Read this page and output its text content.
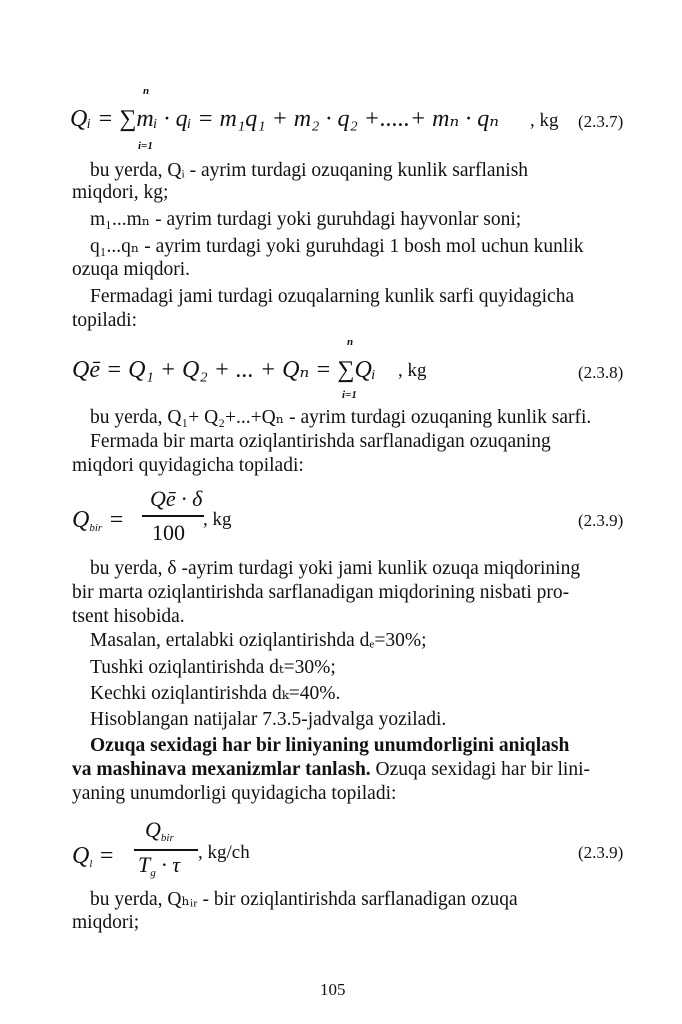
n
Qᵢ = ∑mᵢ · qᵢ = m₁q₁ + m₂ · q₂ +.....+ mₙ · qₙ
i=1
, kg (2.3.7)
bu yerda, Qᵢ - ayrim turdagi ozuqaning kunlik sarflanish
miqdori, kg;
m₁...mₙ - ayrim turdagi yoki guruhdagi hayvonlar soni;
q₁...qₙ - ayrim turdagi yoki guruhdagi 1 bosh mol uchun kunlik
ozuqa miqdori.
Fermadagi jami turdagi ozuqalarning kunlik sarfi quyidagicha
topiladi:
n
Qē = Q₁ + Q₂ + ... + Qₙ = ∑Qᵢ
i=1
, kg	(2.3.8)
bu yerda, Q₁+ Q₂+...+Qₙ - ayrim turdagi ozuqaning kunlik sarfi.
Fermada bir marta oziqlantirishda sarflanadigan ozuqaning
miqdori quyidagicha topiladi:
$Q_{bir}$ =
Qē · δ
100
, kg	(2.3.9)
bu yerda, δ -ayrim turdagi yoki jami kunlik ozuqa miqdorining
bir marta oziqlantirishda sarflanadigan miqdorining nisbati pro-
tsent hisobida.
Masalan, ertalabki oziqlantirishda dₑ=30%;
Tushki oziqlantirishda dₜ=30%;
Kechki oziqlantirishda dₖ=40%.
Hisoblangan natijalar 7.3.5-jadvalga yoziladi.
Ozuqa sexidagi har bir liniyaning unumdorligini aniqlash
va mashinava mexanizmlar tanlash. Ozuqa sexidagi har bir lini-
yaning unumdorligi quyidagicha topiladi:
$Q_l$ =
$Q_{bir}$
$T_g \cdot \tau$ , kg/ch	(2.3.9)
bu yerda, Qₕᵢᵣ - bir oziqlantirishda sarflanadigan ozuqa
miqdori;
105
